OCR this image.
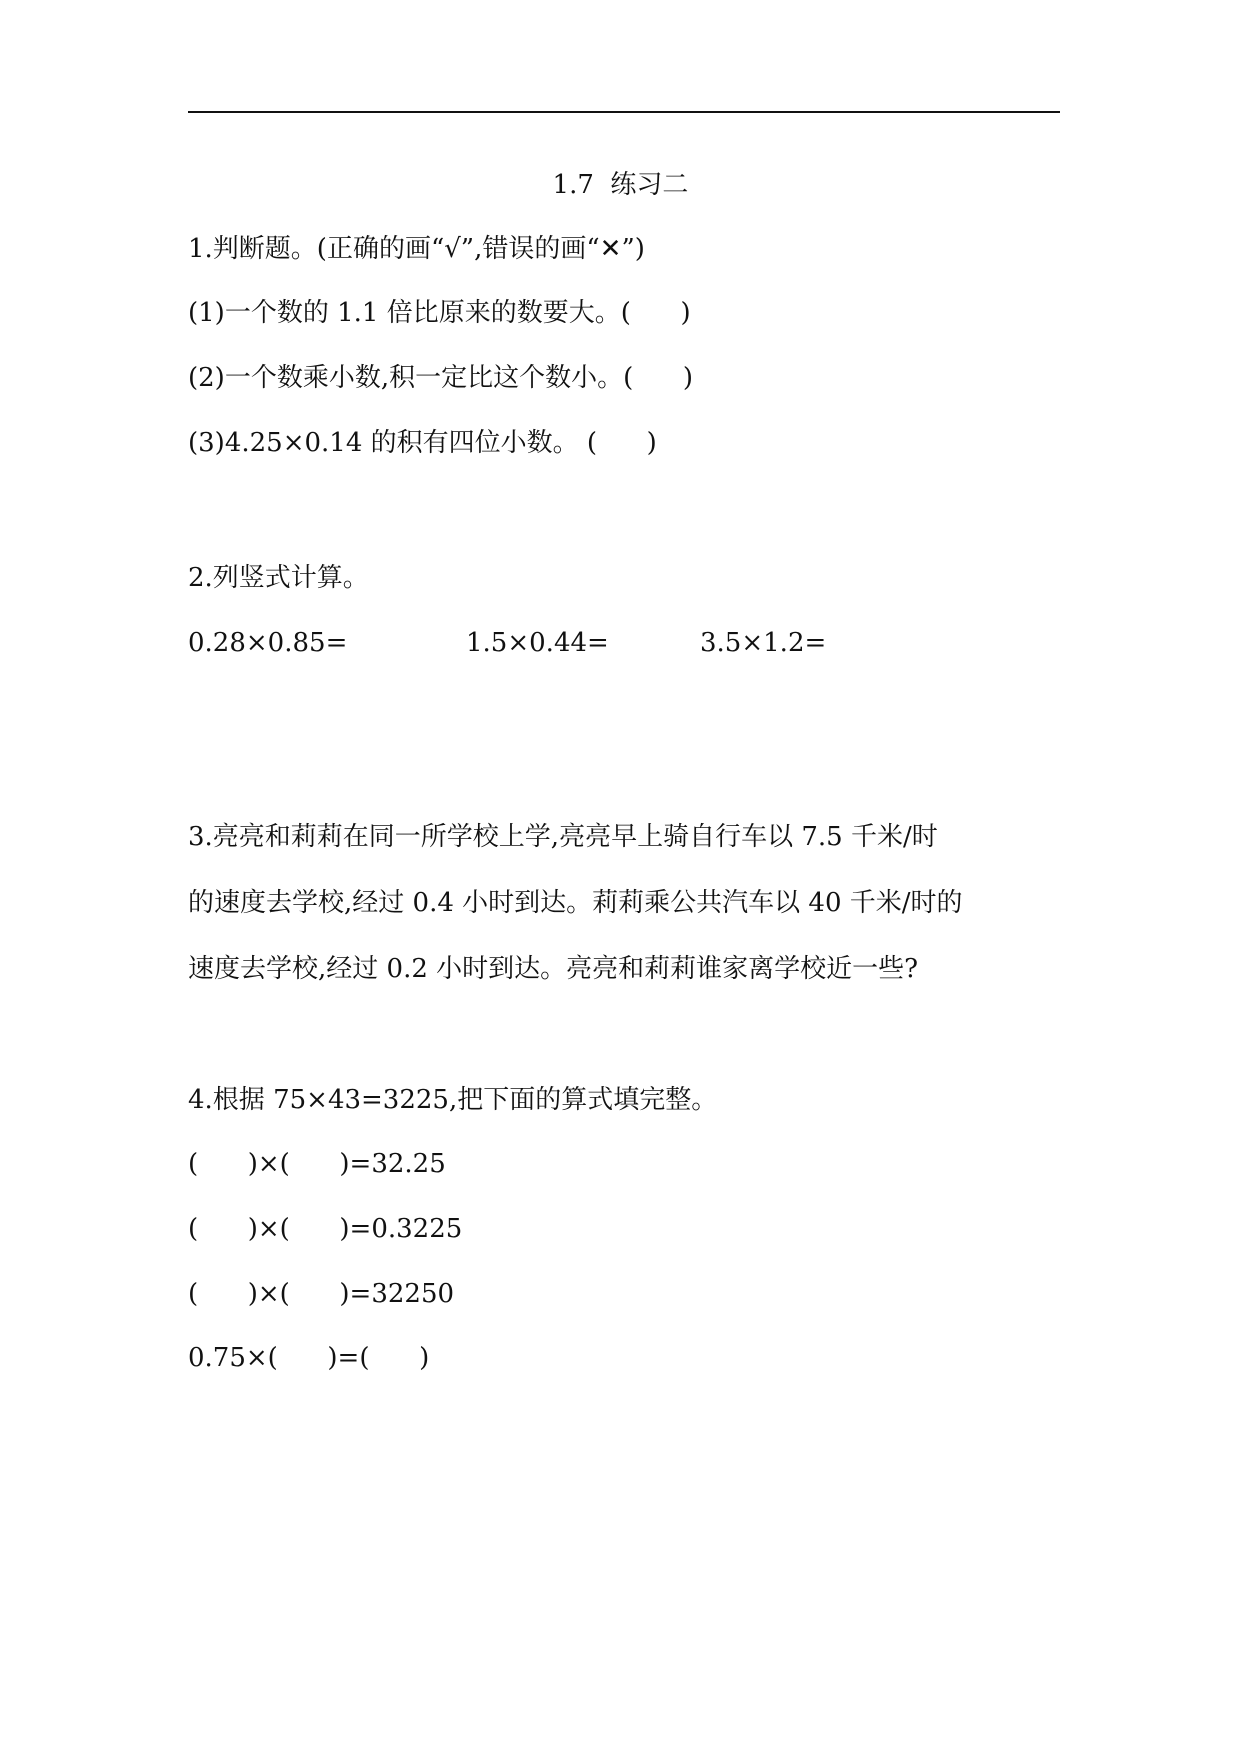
1.7  练习二
1.判断题。(正确的画“√”,错误的画“✕”)
(1)一个数的 1.1 倍比原来的数要大。(      )
(2)一个数乘小数,积一定比这个数小。(      )
(3)4.25×0.14 的积有四位小数。 (      )
2.列竖式计算。
0.28×0.85=	1.5×0.44=	3.5×1.2=
3.亮亮和莉莉在同一所学校上学,亮亮早上骑自行车以 7.5 千米/时
的速度去学校,经过 0.4 小时到达。莉莉乘公共汽车以 40 千米/时的
速度去学校,经过 0.2 小时到达。亮亮和莉莉谁家离学校近一些?
4.根据 75×43=3225,把下面的算式填完整。
(      )×(      )=32.25
(      )×(      )=0.3225
(      )×(      )=32250
0.75×(      )=(      )
